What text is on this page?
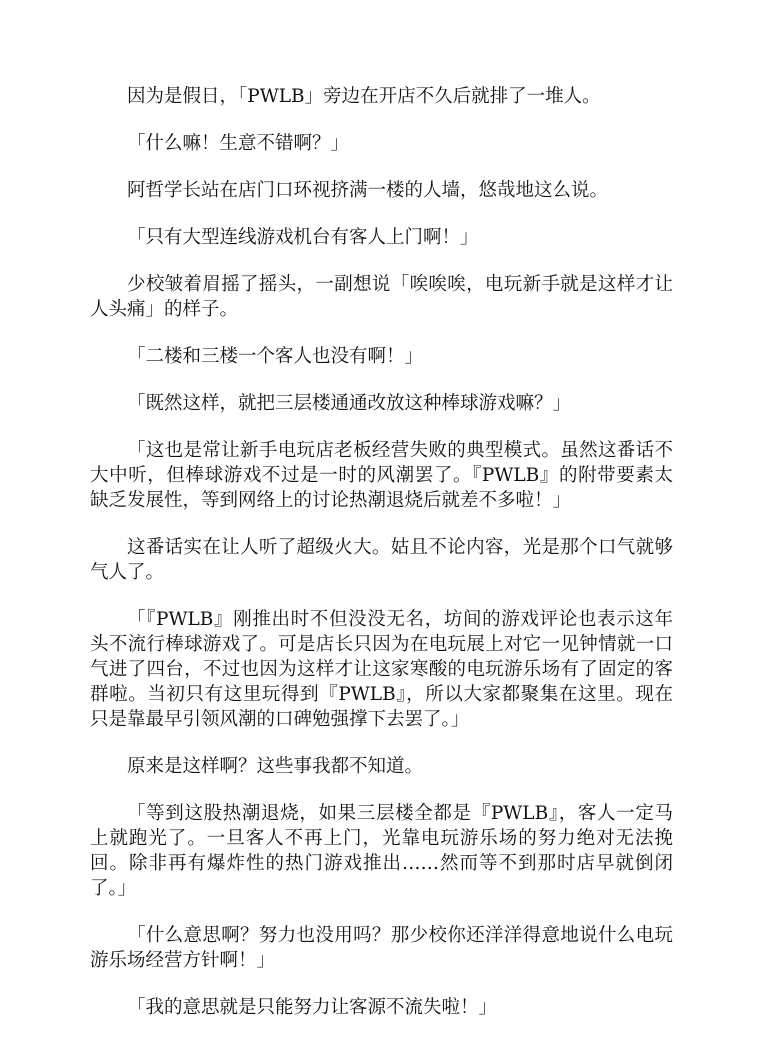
因为是假日，「PWLB」旁边在开店不久后就排了一堆人。

「什么嘛！生意不错啊？」

阿哲学长站在店门口环视挤满一楼的人墙，悠哉地这么说。

「只有大型连线游戏机台有客人上门啊！」

少校皱着眉摇了摇头，一副想说「唉唉唉，电玩新手就是这样才让人头痛」的样子。

「二楼和三楼一个客人也没有啊！」

「既然这样，就把三层楼通通改放这种棒球游戏嘛？」

「这也是常让新手电玩店老板经营失败的典型模式。虽然这番话不大中听，但棒球游戏不过是一时的风潮罢了。『PWLB』的附带要素太缺乏发展性，等到网络上的讨论热潮退烧后就差不多啦！」

这番话实在让人听了超级火大。姑且不论内容，光是那个口气就够气人了。

「『PWLB』刚推出时不但没没无名，坊间的游戏评论也表示这年头不流行棒球游戏了。可是店长只因为在电玩展上对它一见钟情就一口气进了四台，不过也因为这样才让这家寒酸的电玩游乐场有了固定的客群啦。当初只有这里玩得到『PWLB』，所以大家都聚集在这里。现在只是靠最早引领风潮的口碑勉强撑下去罢了。」

原来是这样啊？这些事我都不知道。

「等到这股热潮退烧，如果三层楼全都是『PWLB』，客人一定马上就跑光了。一旦客人不再上门，光靠电玩游乐场的努力绝对无法挽回。除非再有爆炸性的热门游戏推出……然而等不到那时店早就倒闭了。」

「什么意思啊？努力也没用吗？那少校你还洋洋得意地说什么电玩游乐场经营方针啊！」

「我的意思就是只能努力让客源不流失啦！」
